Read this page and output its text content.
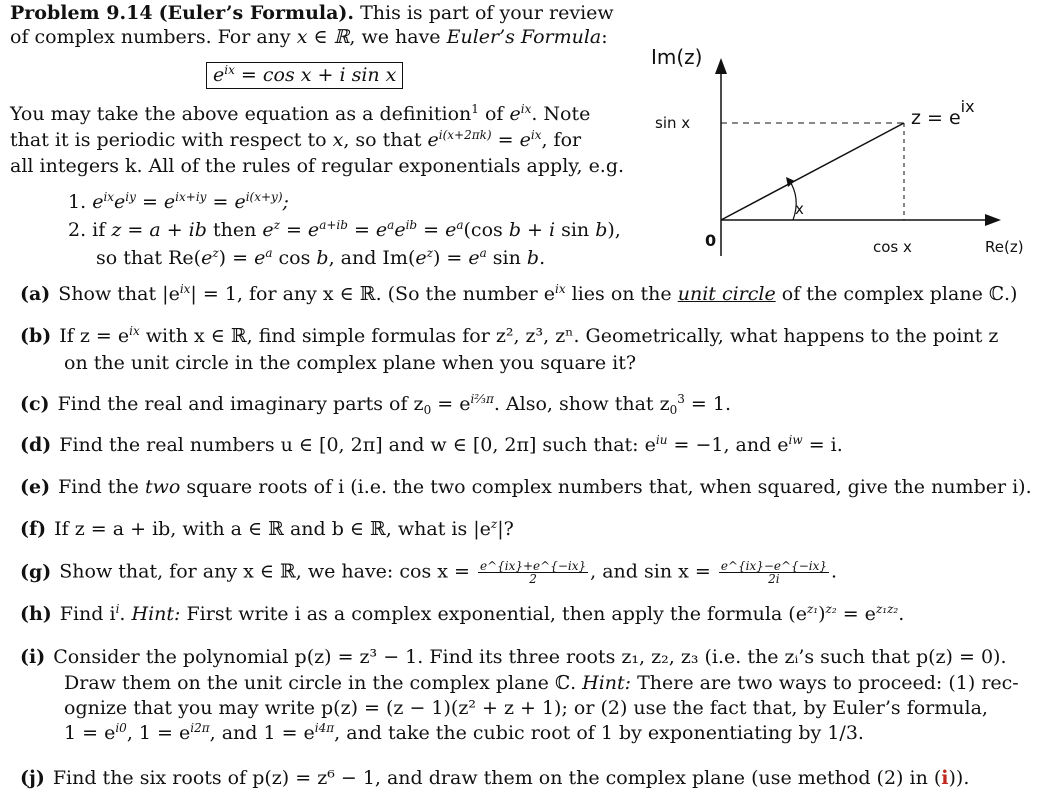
Problem 9.14 (Euler’s Formula). This is part of your review
of complex numbers. For any x ∈ ℝ, we have Euler’s Formula:
$e^{ix} = \cos x + i$ sin x
You may take the above equation as a definition$^1$ of $e^{ix}$. Note
that it is periodic with respect to x, so that $e^{i(x+2\pi k)} = e^{ix}$, for
all integers k. All of the rules of regular exponentials apply, e.g.
1. $e^{ix}e^{iy} = e^{ix+iy} = e^{i(x+y)}$;
2. if z = a + ib then $e^z = e^{a+ib} = e^ae^{ib} = e^a(\cos$ b + i sin b),
so that $Re(e^z) = e^a$ cos b, and $Im(e^z) = e^a$ sin b.
Im(z)
Re(z)
sin x
cos x
0
x
$z = e^{ix}$
(a) Show that $|e^{ix}| = 1$, for any x ∈ ℝ. (So the number $e^{ix}$ lies on the unit circle of the complex plane ℂ.)
(b) If $z = e^{ix}$ with x ∈ ℝ, find simple formulas for z², z³, zⁿ. Geometrically, what happens to the point z
on the unit circle in the complex plane when you square it?
(c) Find the real and imaginary parts of $z_0 = e^{i\frac{2}{3}\pi}$. Also, show that $z_0^3 = 1$.
(d) Find the real numbers u ∈ [0, 2π] and w ∈ [0, 2π] such that: $e^{iu} = -1$, and $e^{iw} = i$.
(e) Find the two square roots of i (i.e. the two complex numbers that, when squared, give the number i).
(f) If z = a + ib, with a ∈ ℝ and b ∈ ℝ, what is $|e^z|$?
(g) Show that, for any x ∈ ℝ, we have: $\cos x = \frac{e\^{}\{ix\}+e\^{}\{-ix\}}{2}$ , and $\sin x = \frac{e\^{}\{ix\}-e\^{}\{-ix\}}{2i}$ .
(h) Find $i^i$. Hint: First write i as a complex exponential, then apply the formula $(e^{z_1})^{z_2} = e^{z_1z_2}$.
(i) Consider the polynomial p(z) = z³ − 1. Find its three roots z₁, z₂, z₃ (i.e. the zᵢ’s such that p(z) = 0).
Draw them on the unit circle in the complex plane ℂ. Hint: There are two ways to proceed: (1) rec-
ognize that you may write p(z) = (z − 1)(z² + z + 1); or (2) use the fact that, by Euler’s formula,
$1 = e^{i0}$, $1 = e^{i2\pi}$, and $1 = e^{i4\pi}$, and take the cubic root of 1 by exponentiating by 1/3.
(j) Find the six roots of p(z) = z⁶ − 1, and draw them on the complex plane (use method (2) in (i)).
